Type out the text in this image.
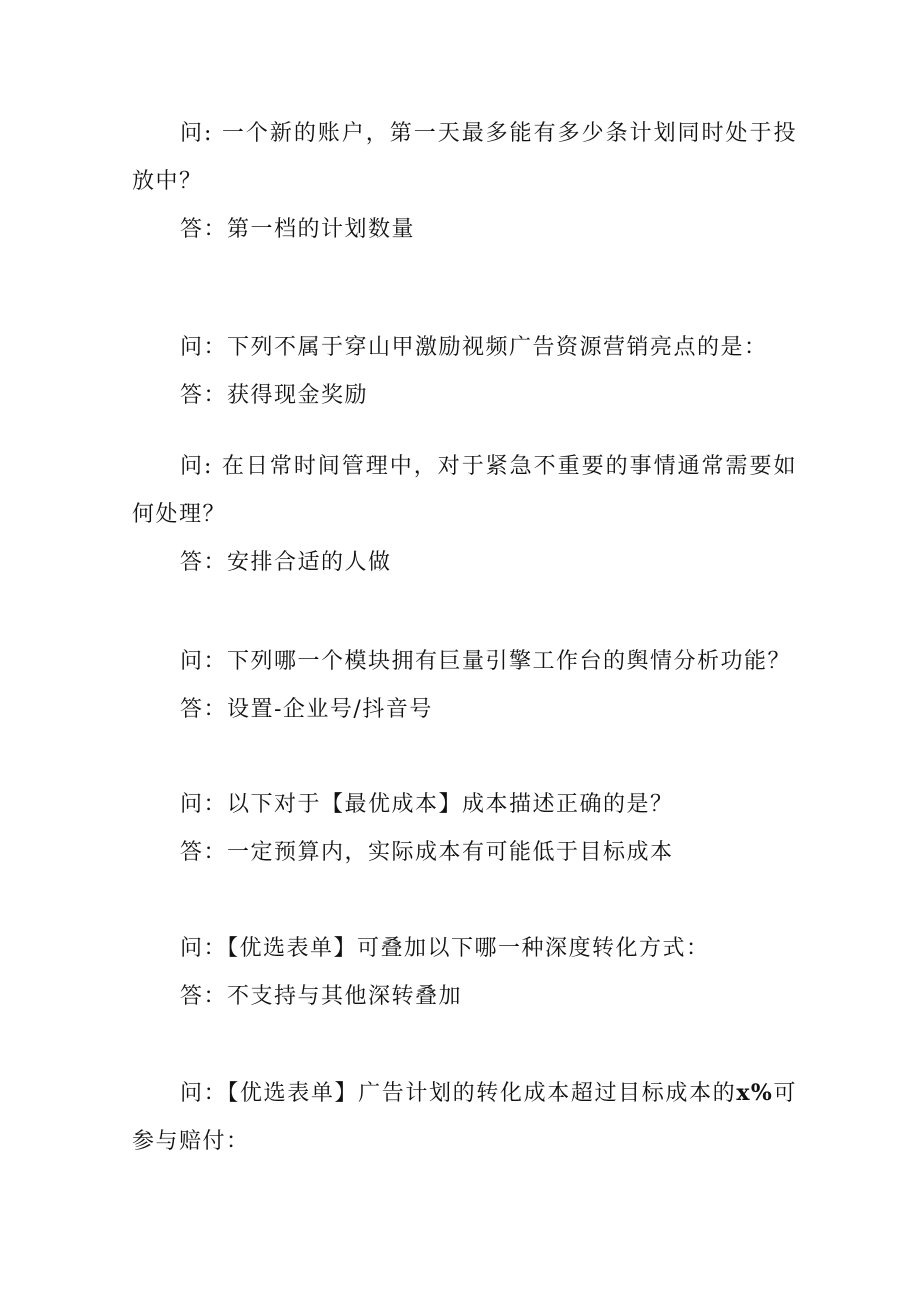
问: 一个新的账户，第一天最多能有多少条计划同时处于投放中？

答：第一档的计划数量

问：下列不属于穿山甲激励视频广告资源营销亮点的是：

答：获得现金奖励

问: 在日常时间管理中，对于紧急不重要的事情通常需要如何处理？

答：安排合适的人做

问：下列哪一个模块拥有巨量引擎工作台的舆情分析功能？

答：设置-企业号/抖音号

问：以下对于【最优成本】成本描述正确的是？

答：一定预算内，实际成本有可能低于目标成本

问：【优选表单】可叠加以下哪一种深度转化方式：

答：不支持与其他深转叠加

问：【优选表单】广告计划的转化成本超过目标成本的x%可参与赔付：
